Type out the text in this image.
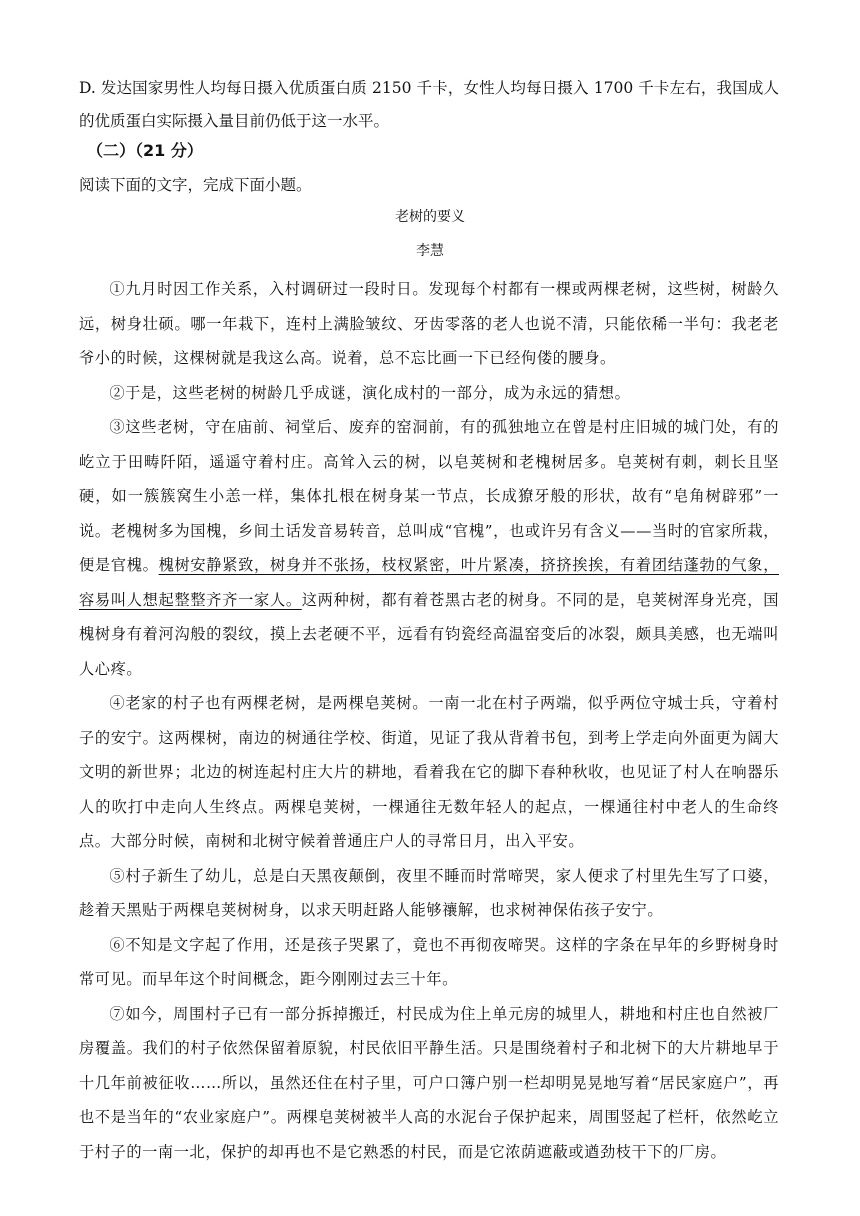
D. 发达国家男性人均每日摄入优质蛋白质 2150 千卡，女性人均每日摄入 1700 千卡左右，我国成人的优质蛋白实际摄入量目前仍低于这一水平。

（二）（21 分）
阅读下面的文字，完成下面小题。
老树的要义
李慧

①九月时因工作关系，入村调研过一段时日。发现每个村都有一棵或两棵老树，这些树，树龄久远，树身壮硕。哪一年栽下，连村上满脸皱纹、牙齿零落的老人也说不清，只能依稀一半句：我老老爷小的时候，这棵树就是我这么高。说着，总不忘比画一下已经佝偻的腰身。

②于是，这些老树的树龄几乎成谜，演化成村的一部分，成为永远的猜想。

③这些老树，守在庙前、祠堂后、废弃的窑洞前，有的孤独地立在曾是村庄旧城的城门处，有的屹立于田畴阡陌，遥遥守着村庄。高耸入云的树，以皂荚树和老槐树居多。皂荚树有刺，刺长且坚硬，如一簇簇窝生小恙一样，集体扎根在树身某一节点，长成獠牙般的形状，故有“皂角树辟邪”一说。老槐树多为国槐，乡间土话发音易转音，总叫成“官槐”，也或许另有含义——当时的官家所栽，便是官槐。槐树安静紧致，树身并不张扬，枝杈紧密，叶片紧凑，挤挤挨挨，有着团结蓬勃的气象，容易叫人想起整整齐齐一家人。这两种树，都有着苍黑古老的树身。不同的是，皂荚树浑身光亮，国槐树身有着河沟般的裂纹，摸上去老硬不平，远看有钧瓷经高温窑变后的冰裂，颇具美感，也无端叫人心疼。

④老家的村子也有两棵老树，是两棵皂荚树。一南一北在村子两端，似乎两位守城士兵，守着村子的安宁。这两棵树，南边的树通往学校、街道，见证了我从背着书包，到考上学走向外面更为阔大文明的新世界；北边的树连起村庄大片的耕地，看着我在它的脚下春种秋收，也见证了村人在响器乐人的吹打中走向人生终点。两棵皂荚树，一棵通往无数年轻人的起点，一棵通往村中老人的生命终点。大部分时候，南树和北树守候着普通庄户人的寻常日月，出入平安。

⑤村子新生了幼儿，总是白天黑夜颠倒，夜里不睡而时常啼哭，家人便求了村里先生写了口婆，趁着天黑贴于两棵皂荚树树身，以求天明赶路人能够禳解，也求树神保佑孩子安宁。

⑥不知是文字起了作用，还是孩子哭累了，竟也不再彻夜啼哭。这样的字条在早年的乡野树身时常可见。而早年这个时间概念，距今刚刚过去三十年。

⑦如今，周围村子已有一部分拆掉搬迁，村民成为住上单元房的城里人，耕地和村庄也自然被厂房覆盖。我们的村子依然保留着原貌，村民依旧平静生活。只是围绕着村子和北树下的大片耕地早于十几年前被征收……所以，虽然还住在村子里，可户口簿户别一栏却明晃晃地写着“居民家庭户”，再也不是当年的“农业家庭户”。两棵皂荚树被半人高的水泥台子保护起来，周围竖起了栏杆，依然屹立于村子的一南一北，保护的却再也不是它熟悉的村民，而是它浓荫遮蔽或遒劲枝干下的厂房。
